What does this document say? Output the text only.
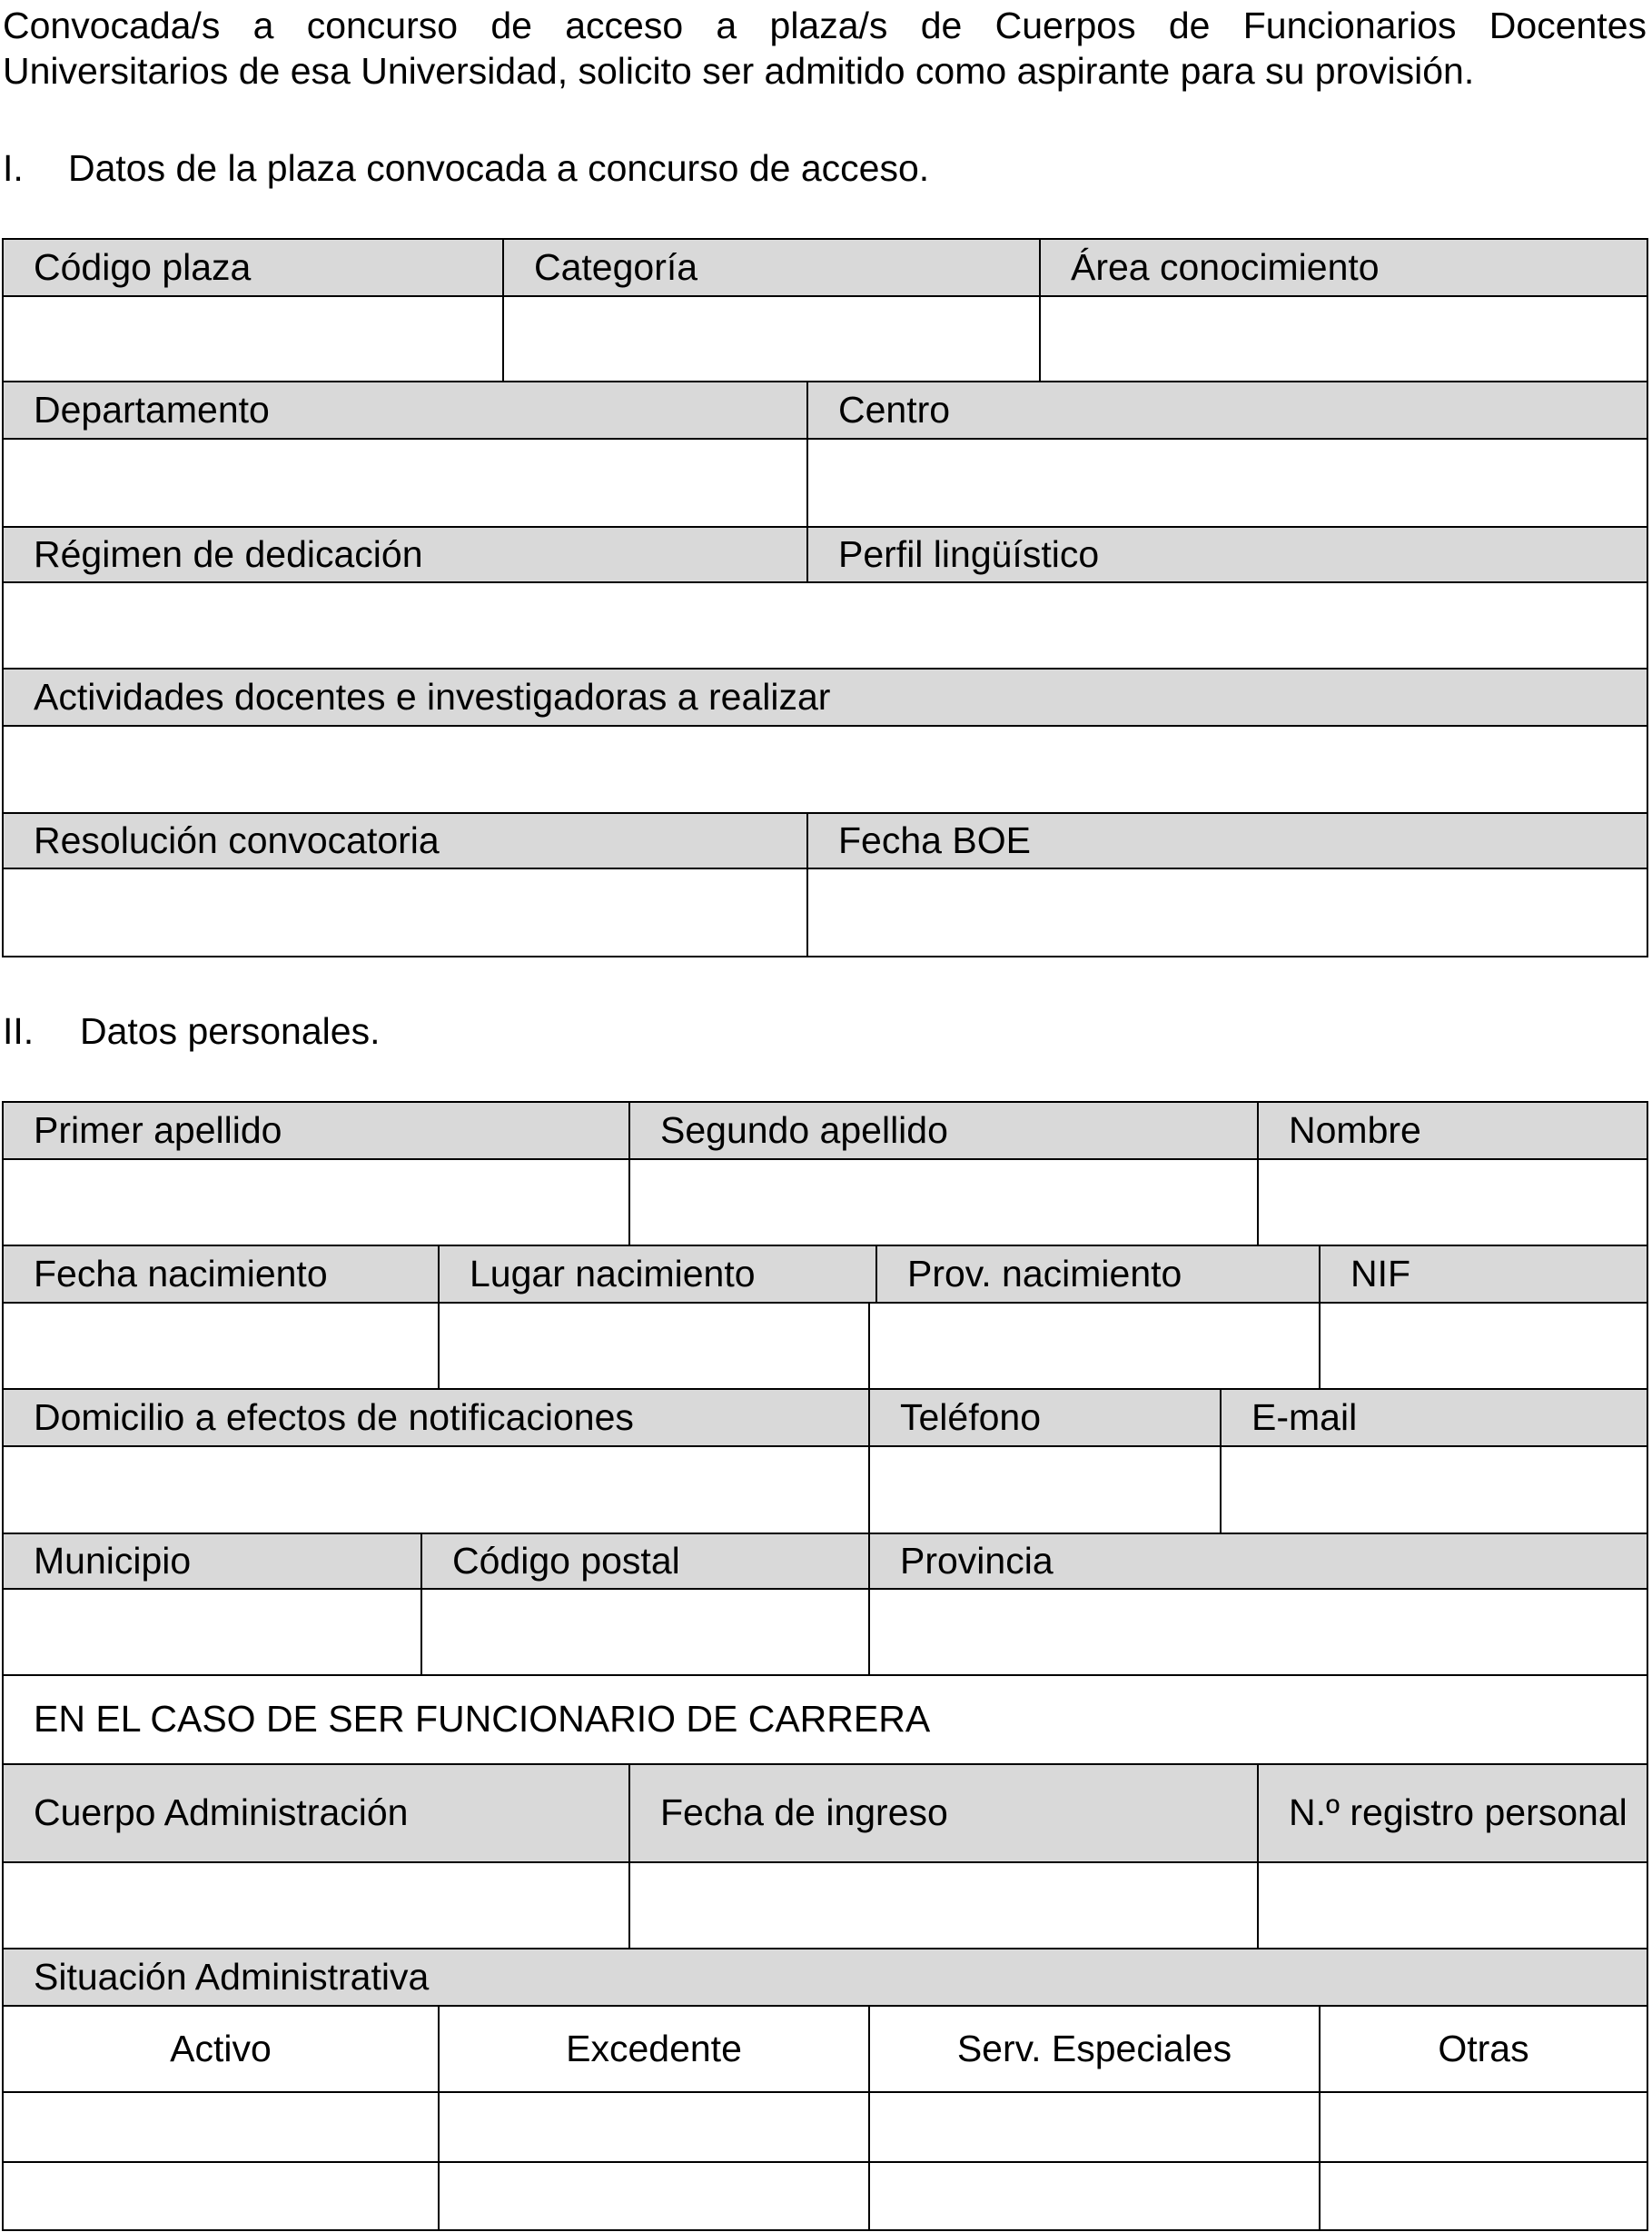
Convocada/s a concurso de acceso a plaza/s de Cuerpos de Funcionarios Docentes
Universitarios de esa Universidad, solicito ser admitido como aspirante para su provisión.
I. Datos de la plaza convocada a concurso de acceso.
II. Datos personales.
Código plaza	Categoría	Área conocimiento
Departamento	Centro
Régimen de dedicación	Perfil lingüístico
Actividades docentes e investigadoras a realizar
Resolución convocatoria	Fecha BOE
Primer apellido	Segundo apellido	Nombre
Fecha nacimiento	Lugar nacimiento	Prov. nacimiento	NIF
Domicilio a efectos de notificaciones	Teléfono	E-mail
Municipio	Código postal	Provincia
EN EL CASO DE SER FUNCIONARIO DE CARRERA
Cuerpo Administración	Fecha de ingreso	N.º registro personal
Situación Administrativa
Activo	Excedente	Serv. Especiales	Otras
